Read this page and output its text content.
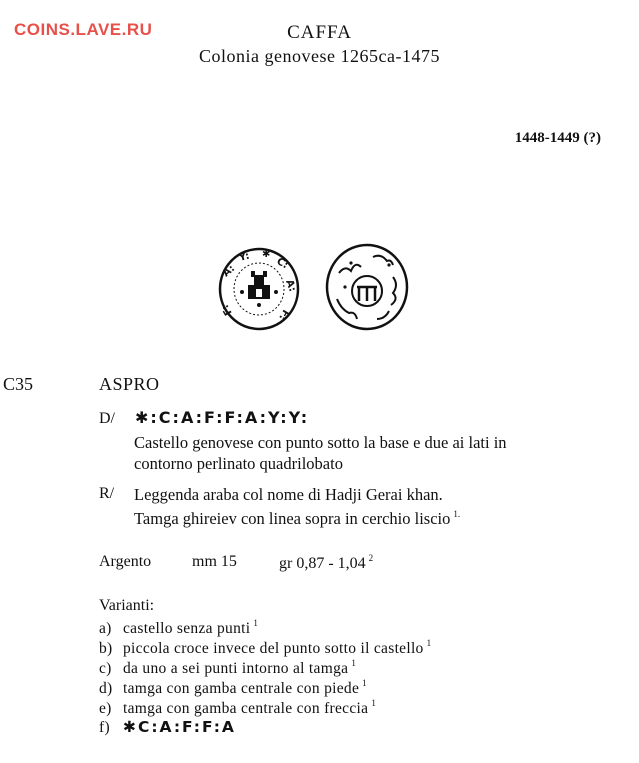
COINS.LAVE.RU	CAFFA
Colonia genovese 1265ca-1475
1448-1449 (?)
A:
Y: ✱
C:
A:
F:
F:
C35	ASPRO
D/ ✱:C:A:F:F:A:Y:Y:
Castello genovese con punto sotto la base e due ai lati in
contorno perlinato quadrilobato
R/ Leggenda araba col nome di Hadji Gerai khan.
Tamga ghireiev con linea sopra in cerchio liscio $^{1.}$
Argento	mm 15	gr 0,87 - 1,04 $^2$
Varianti:
a) castello senza punti $^1$
b) piccola croce invece del punto sotto il castello $^1$
c) da uno a sei punti intorno al tamga $^1$
d) tamga con gamba centrale con piede $^1$
e) tamga con gamba centrale con freccia $^1$
f) ✱C:A:F:F:A
